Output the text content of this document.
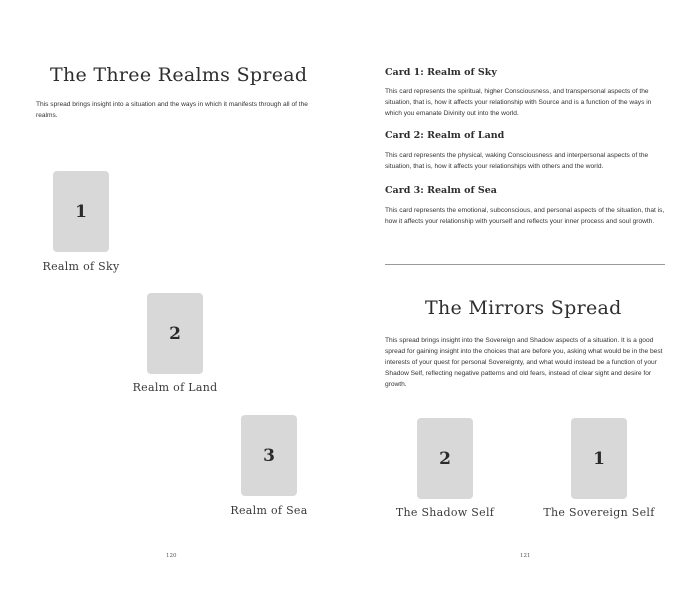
The Three Realms Spread
This spread brings insight into a situation and the ways in which it manifests through all of the realms.
1
Realm of Sky
2
Realm of Land
3
Realm of Sea
120
Card 1: Realm of Sky
This card represents the spiritual, higher Consciousness, and transpersonal aspects of the situation, that is, how it affects your relationship with Source and is a function of the ways in which you emanate Divinity out into the world.
Card 2: Realm of Land
This card represents the physical, waking Consciousness and interpersonal aspects of the situation, that is, how it affects your relationships with others and the world.
Card 3: Realm of Sea
This card represents the emotional, subconscious, and personal aspects of the situation, that is, how it affects your relationship with yourself and reflects your inner process and soul growth.
The Mirrors Spread
This spread brings insight into the Sovereign and Shadow aspects of a situation. It is a good spread for gaining insight into the choices that are before you, asking what would be in the best interests of your quest for personal Sovereignty, and what would instead be a function of your Shadow Self, reflecting negative patterns and old fears, instead of clear sight and desire for growth.
2
The Shadow Self
1
The Sovereign Self
121
